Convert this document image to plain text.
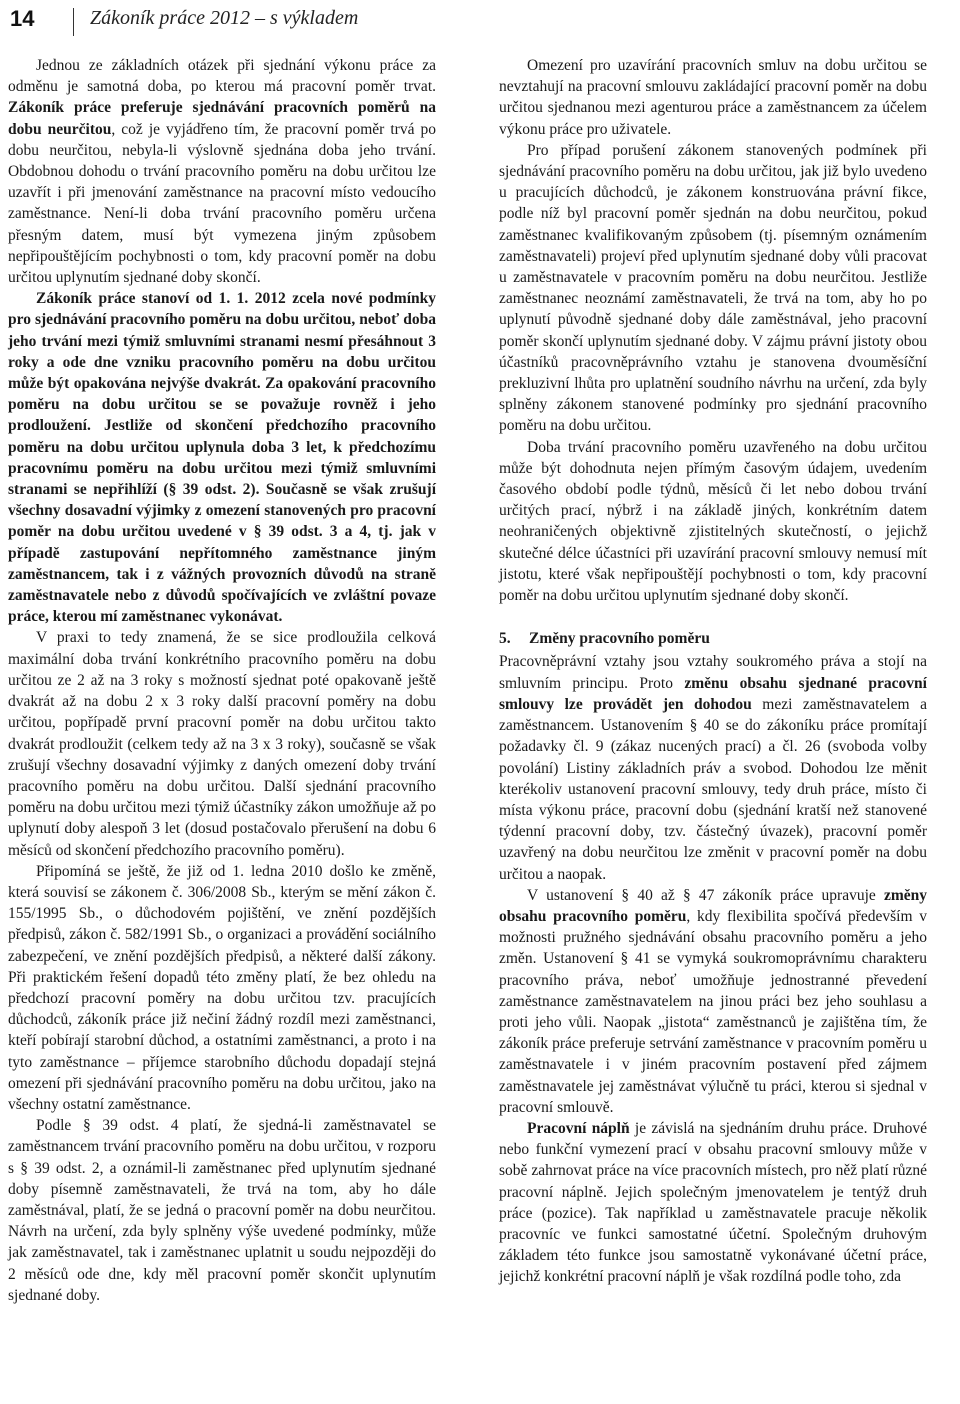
14	Zákoník práce 2012 – s výkladem

Jednou ze základních otázek při sjednání výkonu práce za odměnu je samotná doba, po kterou má pracovní poměr trvat. Zákoník práce preferuje sjednávání pracovních poměrů na dobu neurčitou, což je vyjádřeno tím, že pracovní poměr trvá po dobu neurčitou, nebyla-li výslovně sjednána doba jeho trvání. Obdobnou dohodu o trvání pracovního poměru na dobu určitou lze uzavřít i při jmenování zaměstnance na pracovní místo vedoucího zaměstnance. Není-li doba trvání pracovního poměru určena přesným datem, musí být vymezena jiným způsobem nepřipouštějícím pochybnosti o tom, kdy pracovní poměr na dobu určitou uplynutím sjednané doby skončí.

Zákoník práce stanoví od 1. 1. 2012 zcela nové podmínky pro sjednávání pracovního poměru na dobu určitou, neboť doba jeho trvání mezi týmiž smluvními stranami nesmí přesáhnout 3 roky a ode dne vzniku pracovního poměru na dobu určitou může být opakována nejvýše dvakrát. Za opakování pracovního poměru na dobu určitou se se považuje rovněž i jeho prodloužení. Jestliže od skončení předchozího pracovního poměru na dobu určitou uplynula doba 3 let, k předchozímu pracovnímu poměru na dobu určitou mezi týmiž smluvními stranami se nepřihlíží (§ 39 odst. 2). Současně se však zrušují všechny dosavadní výjimky z omezení stanovených pro pracovní poměr na dobu určitou uvedené v § 39 odst. 3 a 4, tj. jak v případě zastupování nepřítomného zaměstnance jiným zaměstnancem, tak i z vážných provozních důvodů na straně zaměstnavatele nebo z důvodů spočívajících ve zvláštní povaze práce, kterou mí zaměstnanec vykonávat.

V praxi to tedy znamená, že se sice prodloužila celková maximální doba trvání konkrétního pracovního poměru na dobu určitou ze 2 až na 3 roky s možností sjednat poté opakovaně ještě dvakrát až na dobu 2 x 3 roky další pracovní poměry na dobu určitou, popřípadě první pracovní poměr na dobu určitou takto dvakrát prodloužit (celkem tedy až na 3 x 3 roky), současně se však zrušují všechny dosavadní výjimky z daných omezení doby trvání pracovního poměru na dobu určitou. Další sjednání pracovního poměru na dobu určitou mezi týmiž účastníky zákon umožňuje až po uplynutí doby alespoň 3 let (dosud postačovalo přerušení na dobu 6 měsíců od skončení předchozího pracovního poměru).

Připomíná se ještě, že již od 1. ledna 2010 došlo ke změně, která souvisí se zákonem č. 306/2008 Sb., kterým se mění zákon č. 155/1995 Sb., o důchodovém pojištění, ve znění pozdějších předpisů, zákon č. 582/1991 Sb., o organizaci a provádění sociálního zabezpečení, ve znění pozdějších předpisů, a některé další zákony. Při praktickém řešení dopadů této změny platí, že bez ohledu na předchozí pracovní poměry na dobu určitou tzv. pracujících důchodců, zákoník práce již nečiní žádný rozdíl mezi zaměstnanci, kteří pobírají starobní důchod, a ostatními zaměstnanci, a proto i na tyto zaměstnance – příjemce starobního důchodu dopadají stejná omezení při sjednávání pracovního poměru na dobu určitou, jako na všechny ostatní zaměstnance.

Podle § 39 odst. 4 platí, že sjedná-li zaměstnavatel se zaměstnancem trvání pracovního poměru na dobu určitou, v rozporu s § 39 odst. 2, a oznámil-li zaměstnanec před uplynutím sjednané doby písemně zaměstnavateli, že trvá na tom, aby ho dále zaměstnával, platí, že se jedná o pracovní poměr na dobu neurčitou. Návrh na určení, zda byly splněny výše uvedené podmínky, může jak zaměstnavatel, tak i zaměstnanec uplatnit u soudu nejpozději do 2 měsíců ode dne, kdy měl pracovní poměr skončit uplynutím sjednané doby.

Omezení pro uzavírání pracovních smluv na dobu určitou se nevztahují na pracovní smlouvu zakládající pracovní poměr na dobu určitou sjednanou mezi agenturou práce a zaměstnancem za účelem výkonu práce pro uživatele.

Pro případ porušení zákonem stanovených podmínek při sjednávání pracovního poměru na dobu určitou, jak již bylo uvedeno u pracujících důchodců, je zákonem konstruována právní fikce, podle níž byl pracovní poměr sjednán na dobu neurčitou, pokud zaměstnanec kvalifikovaným způsobem (tj. písemným oznámením zaměstnavateli) projeví před uplynutím sjednané doby vůli pracovat u zaměstnavatele v pracovním poměru na dobu neurčitou. Jestliže zaměstnanec neoznámí zaměstnavateli, že trvá na tom, aby ho po uplynutí původně sjednané doby dále zaměstnával, jeho pracovní poměr skončí uplynutím sjednané doby. V zájmu právní jistoty obou účastníků pracovněprávního vztahu je stanovena dvouměsíční prekluzivní lhůta pro uplatnění soudního návrhu na určení, zda byly splněny zákonem stanovené podmínky pro sjednání pracovního poměru na dobu určitou.

Doba trvání pracovního poměru uzavřeného na dobu určitou může být dohodnuta nejen přímým časovým údajem, uvedením časového období podle týdnů, měsíců či let nebo dobou trvání určitých prací, nýbrž i na základě jiných, konkrétním datem neohraničených objektivně zjistitelných skutečností, o jejichž skutečné délce účastníci při uzavírání pracovní smlouvy nemusí mít jistotu, které však nepřipouštějí pochybnosti o tom, kdy pracovní poměr na dobu určitou uplynutím sjednané doby skončí.

5. Změny pracovního poměru

Pracovněprávní vztahy jsou vztahy soukromého práva a stojí na smluvním principu. Proto změnu obsahu sjednané pracovní smlouvy lze provádět jen dohodou mezi zaměstnavatelem a zaměstnancem. Ustanovením § 40 se do zákoníku práce promítají požadavky čl. 9 (zákaz nucených prací) a čl. 26 (svoboda volby povolání) Listiny základních práv a svobod. Dohodou lze měnit kterékoliv ustanovení pracovní smlouvy, tedy druh práce, místo či místa výkonu práce, pracovní dobu (sjednání kratší než stanovené týdenní pracovní doby, tzv. částečný úvazek), pracovní poměr uzavřený na dobu neurčitou lze změnit v pracovní poměr na dobu určitou a naopak.

V ustanovení § 40 až § 47 zákoník práce upravuje změny obsahu pracovního poměru, kdy flexibilita spočívá především v možnosti pružného sjednávání obsahu pracovního poměru a jeho změn. Ustanovení § 41 se vymyká soukromoprávnímu charakteru pracovního práva, neboť umožňuje jednostranné převedení zaměstnance zaměstnavatelem na jinou práci bez jeho souhlasu a proti jeho vůli. Naopak „jistota“ zaměstnanců je zajištěna tím, že zákoník práce preferuje setrvání zaměstnance v pracovním poměru u zaměstnavatele i v jiném pracovním postavení před zájmem zaměstnavatele jej zaměstnávat výlučně tu práci, kterou si sjednal v pracovní smlouvě.

Pracovní náplň je závislá na sjednáním druhu práce. Druhové nebo funkční vymezení prací v obsahu pracovní smlouvy může v sobě zahrnovat práce na více pracovních místech, pro něž platí různé pracovní náplně. Jejich společným jmenovatelem je tentýž druh práce (pozice). Tak například u zaměstnavatele pracuje několik pracovníc ve funkci samostatné účetní. Společným druhovým základem této funkce jsou samostatně vykonávané účetní práce, jejichž konkrétní pracovní náplň je však rozdílná podle toho, zda
